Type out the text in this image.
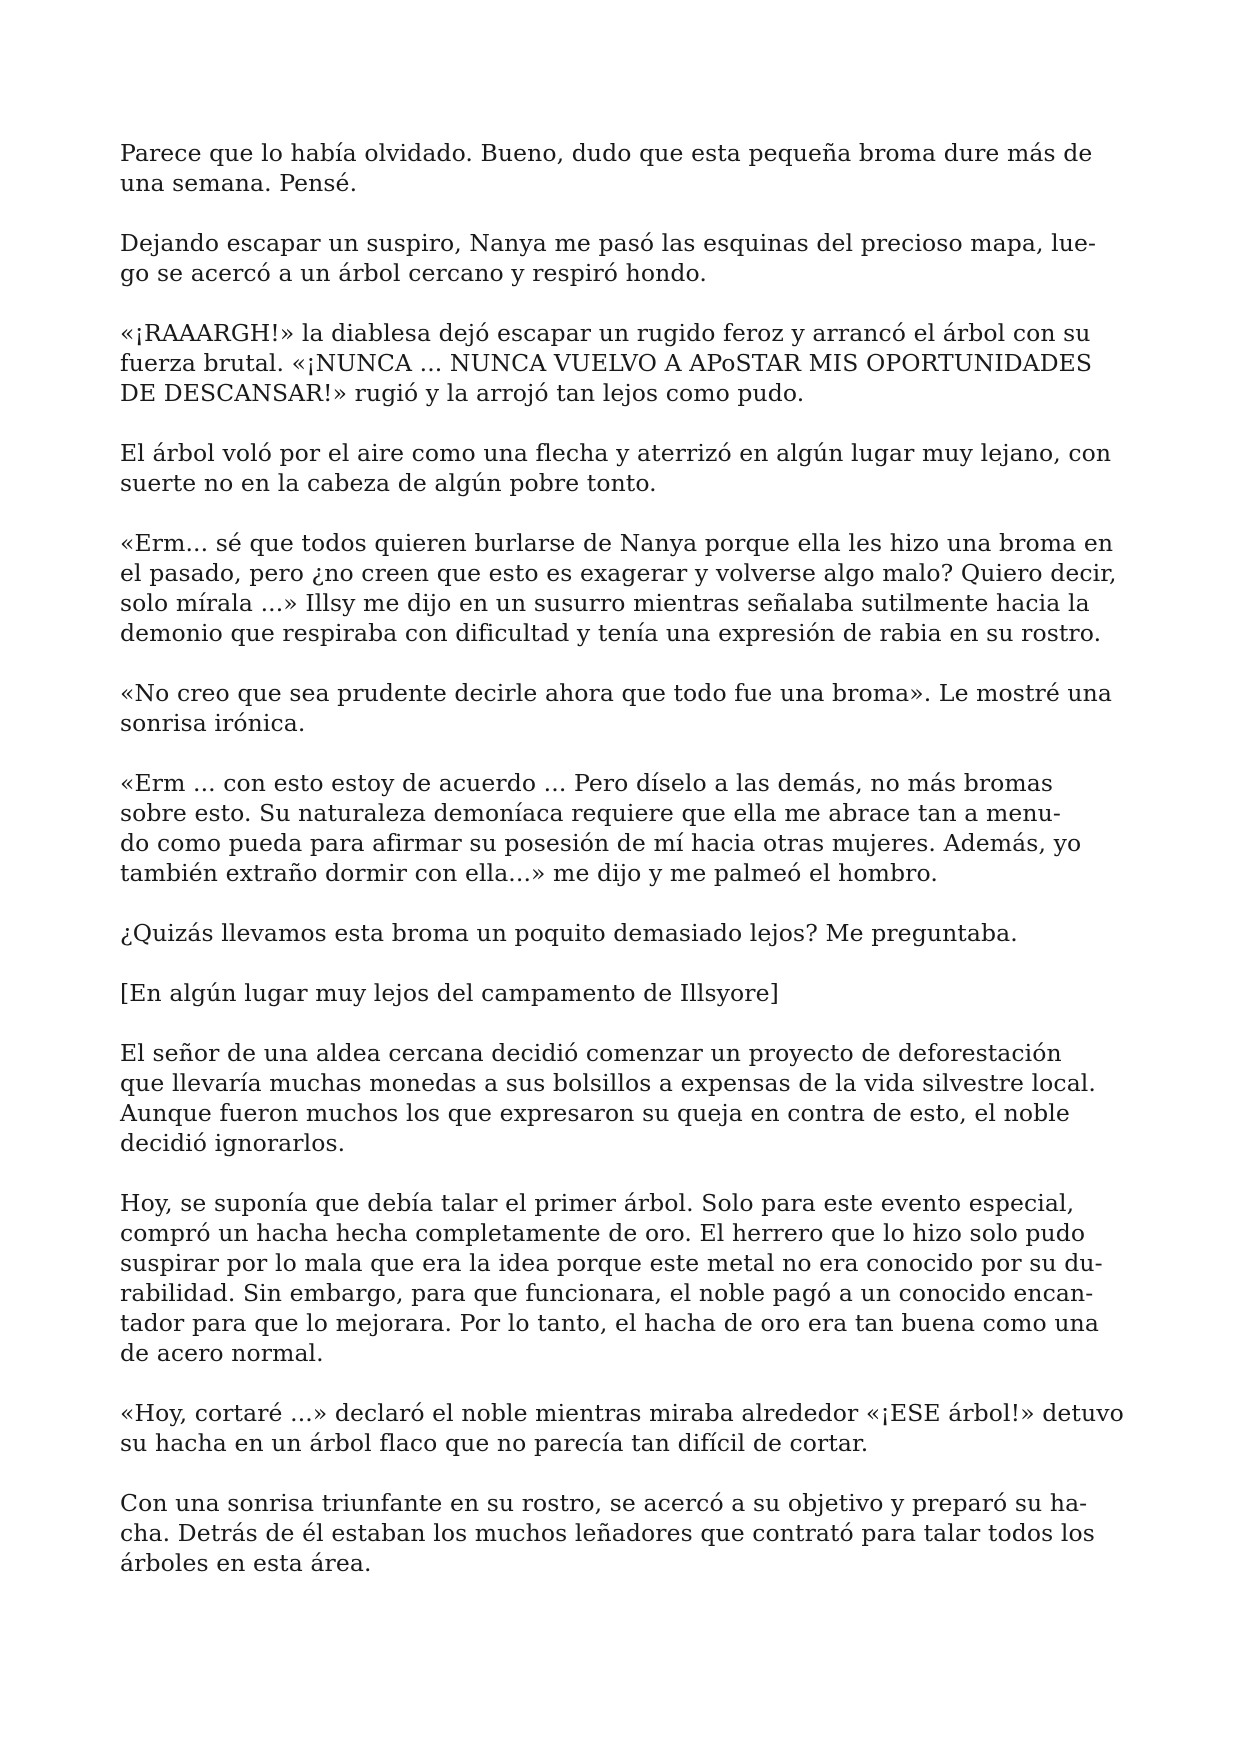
Parece que lo había olvidado. Bueno, dudo que esta pequeña broma dure más de
una semana. Pensé.

Dejando escapar un suspiro, Nanya me pasó las esquinas del precioso mapa, lue-
go se acercó a un árbol cercano y respiró hondo.

«¡RAAARGH!» la diablesa dejó escapar un rugido feroz y arrancó el árbol con su
fuerza brutal. «¡NUNCA ... NUNCA VUELVO A APoSTAR MIS OPORTUNIDADES
DE DESCANSAR!» rugió y la arrojó tan lejos como pudo.

El árbol voló por el aire como una flecha y aterrizó en algún lugar muy lejano, con
suerte no en la cabeza de algún pobre tonto.

«Erm... sé que todos quieren burlarse de Nanya porque ella les hizo una broma en
el pasado, pero ¿no creen que esto es exagerar y volverse algo malo? Quiero decir,
solo mírala ...» Illsy me dijo en un susurro mientras señalaba sutilmente hacia la
demonio que respiraba con dificultad y tenía una expresión de rabia en su rostro.

«No creo que sea prudente decirle ahora que todo fue una broma». Le mostré una
sonrisa irónica.

«Erm ... con esto estoy de acuerdo ... Pero díselo a las demás, no más bromas
sobre esto. Su naturaleza demoníaca requiere que ella me abrace tan a menu-
do como pueda para afirmar su posesión de mí hacia otras mujeres. Además, yo
también extraño dormir con ella...» me dijo y me palmeó el hombro.

¿Quizás llevamos esta broma un poquito demasiado lejos? Me preguntaba.

[En algún lugar muy lejos del campamento de Illsyore]

El señor de una aldea cercana decidió comenzar un proyecto de deforestación
que llevaría muchas monedas a sus bolsillos a expensas de la vida silvestre local.
Aunque fueron muchos los que expresaron su queja en contra de esto, el noble
decidió ignorarlos.

Hoy, se suponía que debía talar el primer árbol. Solo para este evento especial,
compró un hacha hecha completamente de oro. El herrero que lo hizo solo pudo
suspirar por lo mala que era la idea porque este metal no era conocido por su du-
rabilidad. Sin embargo, para que funcionara, el noble pagó a un conocido encan-
tador para que lo mejorara. Por lo tanto, el hacha de oro era tan buena como una
de acero normal.

«Hoy, cortaré ...» declaró el noble mientras miraba alrededor «¡ESE árbol!» detuvo
su hacha en un árbol flaco que no parecía tan difícil de cortar.

Con una sonrisa triunfante en su rostro, se acercó a su objetivo y preparó su ha-
cha. Detrás de él estaban los muchos leñadores que contrató para talar todos los
árboles en esta área.
